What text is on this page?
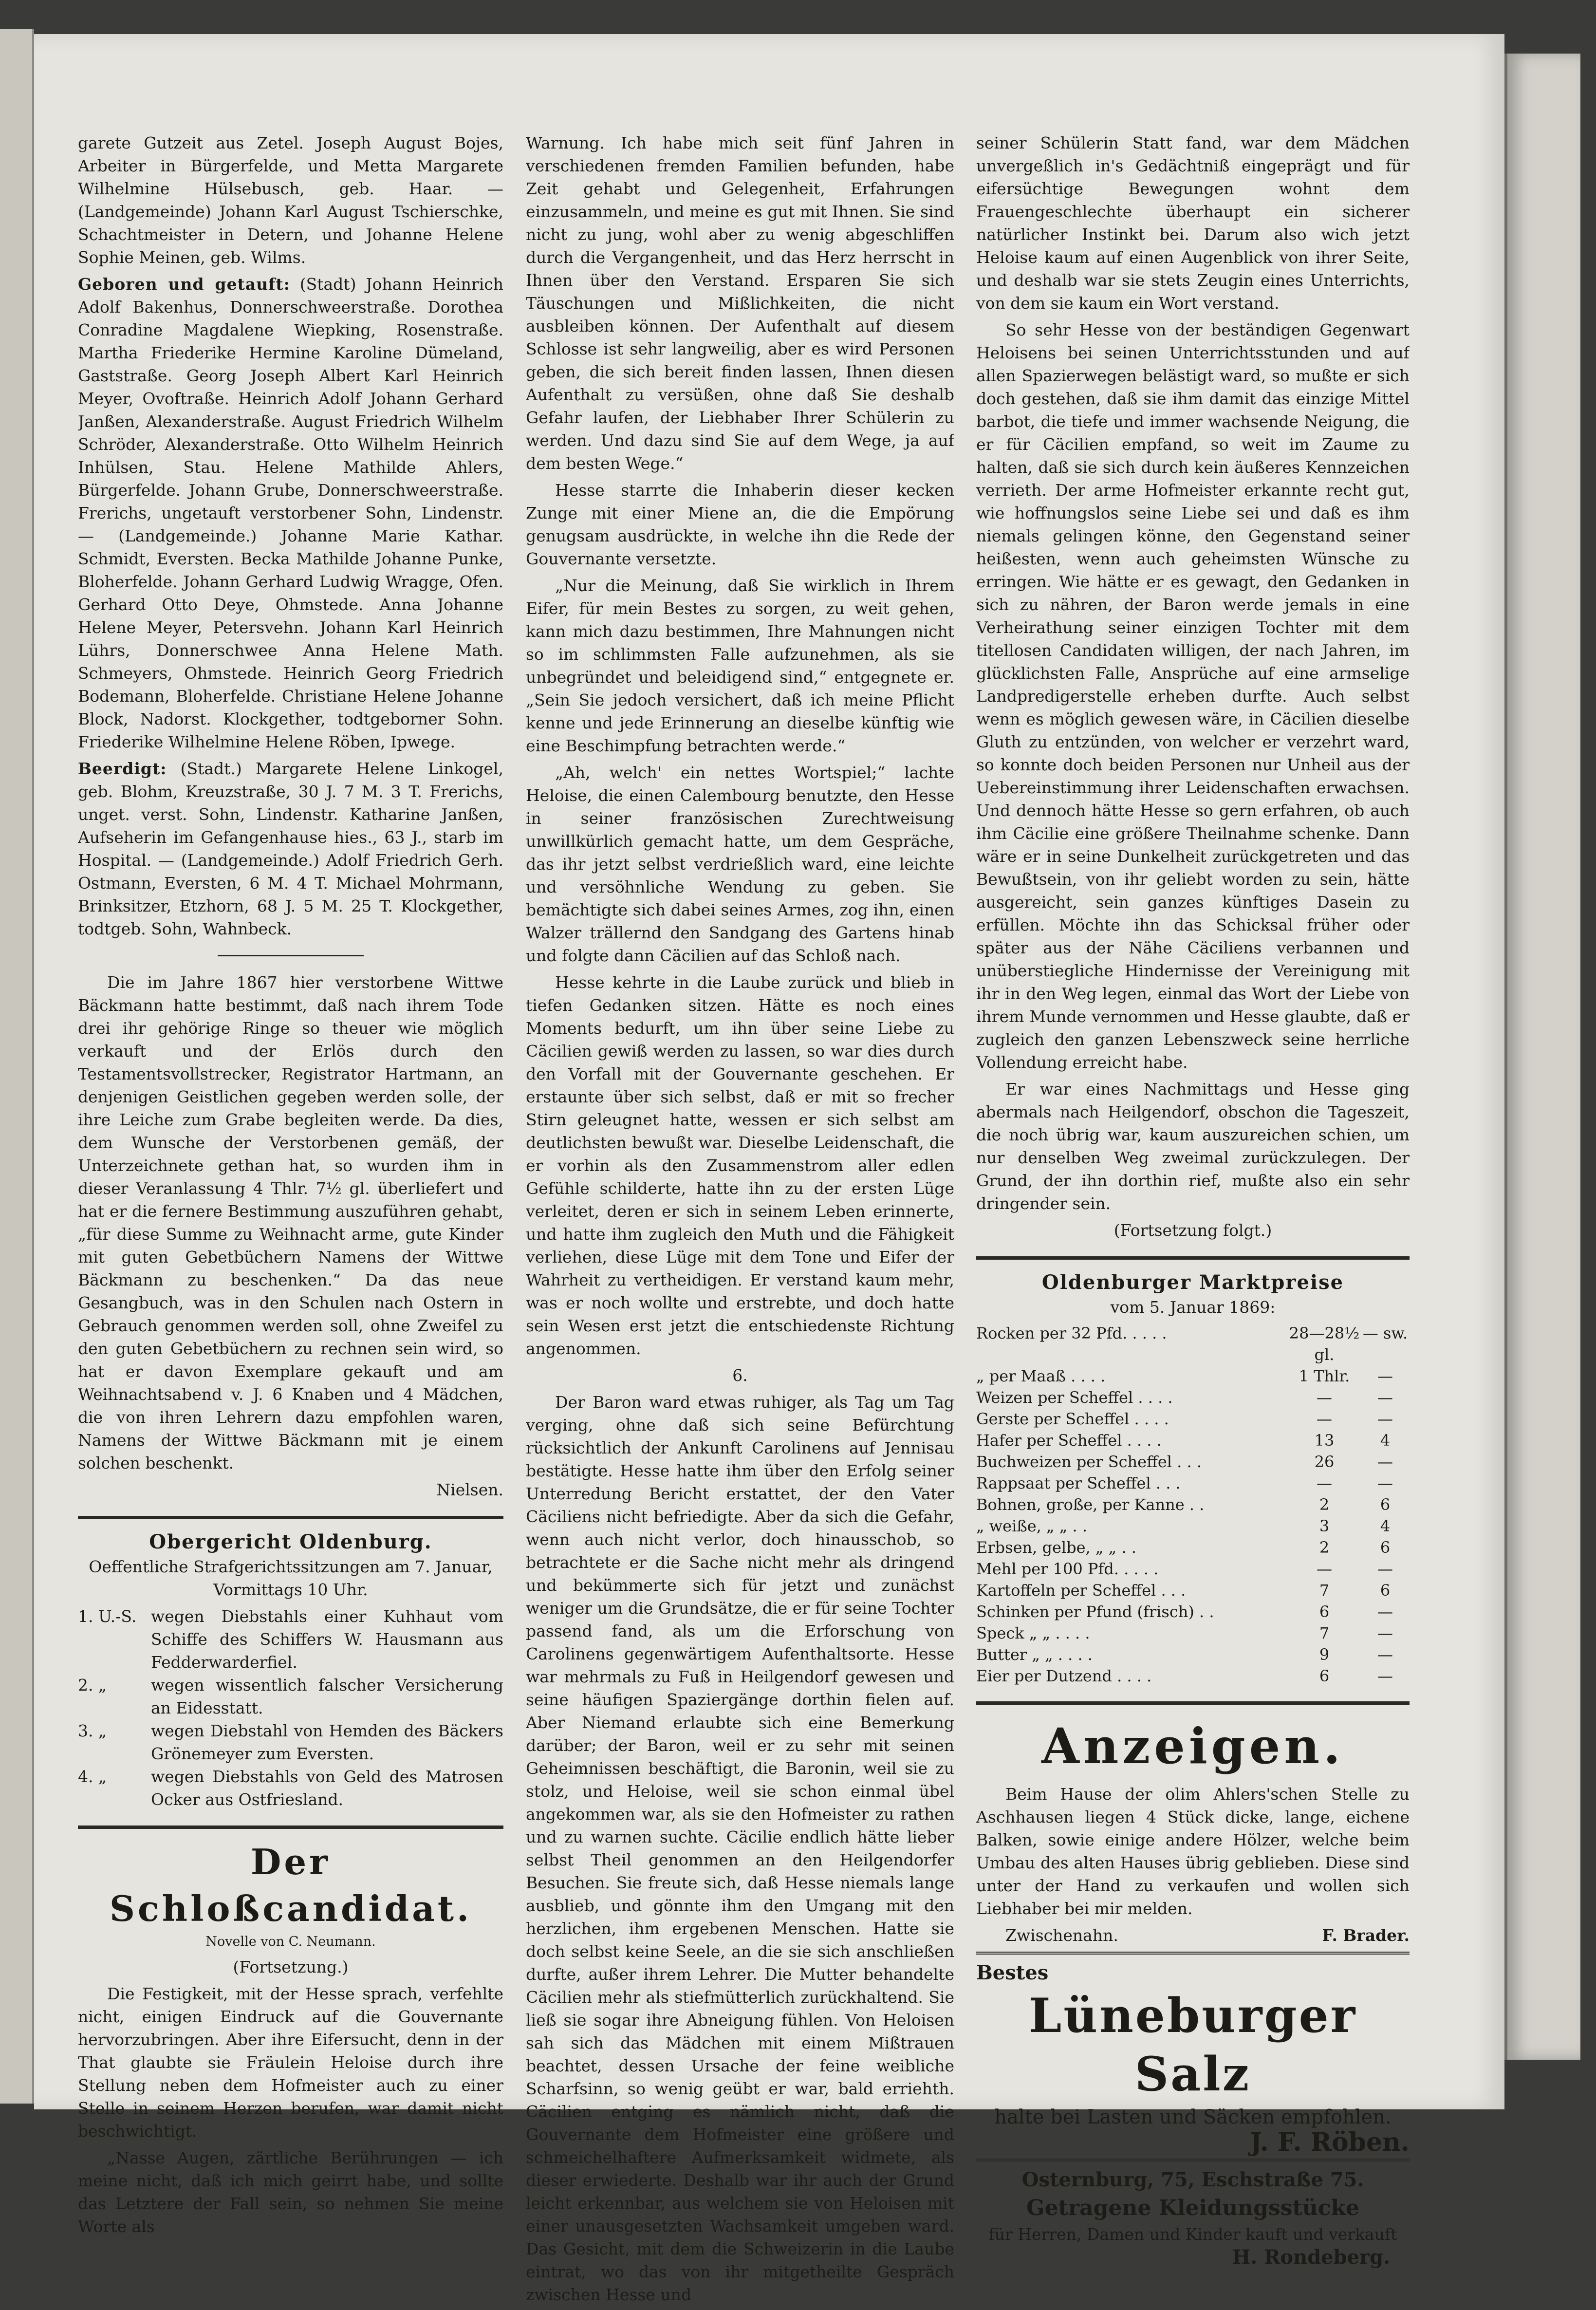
garete Gutzeit aus Zetel. Joseph August Bojes, Arbeiter in Bürgerfelde, und Metta Margarete Wilhelmine Hülsebusch, geb. Haar. — (Landgemeinde) Johann Karl August Tschierschke, Schachtmeister in Detern, und Johanne Helene Sophie Meinen, geb. Wilms.

Geboren und getauft: (Stadt) Johann Heinrich Adolf Bakenhus, Donnerschweerstraße. Dorothea Conradine Magdalene Wiepking, Rosenstraße. Martha Friederike Hermine Karoline Dümeland, Gaststraße. Georg Joseph Albert Karl Heinrich Meyer, Ovoftraße. Heinrich Adolf Johann Gerhard Janßen, Alexanderstraße. August Friedrich Wilhelm Schröder, Alexanderstraße. Otto Wilhelm Heinrich Inhülsen, Stau. Helene Mathilde Ahlers, Bürgerfelde. Johann Grube, Donnerschweerstraße. Frerichs, ungetauft verstorbener Sohn, Lindenstr. — (Landgemeinde.) Johanne Marie Kathar. Schmidt, Eversten. Becka Mathilde Johanne Punke, Bloherfelde. Johann Gerhard Ludwig Wragge, Ofen. Gerhard Otto Deye, Ohmstede. Anna Johanne Helene Meyer, Petersvehn. Johann Karl Heinrich Lührs, Donnerschwee Anna Helene Math. Schmeyers, Ohmstede. Heinrich Georg Friedrich Bodemann, Bloherfelde. Christiane Helene Johanne Block, Nadorst. Klockgether, todtgeborner Sohn. Friederike Wilhelmine Helene Röben, Ipwege.

Beerdigt: (Stadt.) Margarete Helene Linkogel, geb. Blohm, Kreuzstraße, 30 J. 7 M. 3 T. Frerichs, unget. verst. Sohn, Lindenstr. Katharine Janßen, Aufseherin im Gefangenhause hies., 63 J., starb im Hospital. — (Landgemeinde.) Adolf Friedrich Gerh. Ostmann, Eversten, 6 M. 4 T. Michael Mohrmann, Brinksitzer, Etzhorn, 68 J. 5 M. 25 T. Klockgether, todtgeb. Sohn, Wahnbeck.

Die im Jahre 1867 hier verstorbene Wittwe Bäckmann hatte bestimmt, daß nach ihrem Tode drei ihr gehörige Ringe so theuer wie möglich verkauft und der Erlös durch den Testamentsvollstrecker, Registrator Hartmann, an denjenigen Geistlichen gegeben werden solle, der ihre Leiche zum Grabe begleiten werde. Da dies, dem Wunsche der Verstorbenen gemäß, der Unterzeichnete gethan hat, so wurden ihm in dieser Veranlassung 4 Thlr. 7½ gl. überliefert und hat er die fernere Bestimmung auszuführen gehabt, „für diese Summe zu Weihnacht arme, gute Kinder mit guten Gebetbüchern Namens der Wittwe Bäckmann zu beschenken.“ Da das neue Gesangbuch, was in den Schulen nach Ostern in Gebrauch genommen werden soll, ohne Zweifel zu den guten Gebetbüchern zu rechnen sein wird, so hat er davon Exemplare gekauft und am Weihnachtsabend v. J. 6 Knaben und 4 Mädchen, die von ihren Lehrern dazu empfohlen waren, Namens der Wittwe Bäckmann mit je einem solchen beschenkt.

Nielsen.

Obergericht Oldenburg.

Oeffentliche Strafgerichtssitzungen am 7. Januar, Vormittags 10 Uhr.

1. U.-S. wegen Diebstahls einer Kuhhaut vom Schiffe des Schiffers W. Hausmann aus Fedderwarderfiel.
2. „	wegen wissentlich falscher Versicherung an Eidesstatt.
3. „	wegen Diebstahl von Hemden des Bäckers Grönemeyer zum Eversten.
4. „	wegen Diebstahls von Geld des Matrosen Ocker aus Ostfriesland.
Der Schloßcandidat.

Novelle von C. Neumann.

(Fortsetzung.)

Die Festigkeit, mit der Hesse sprach, verfehlte nicht, einigen Eindruck auf die Gouvernante hervorzubringen. Aber ihre Eifersucht, denn in der That glaubte sie Fräulein Heloise durch ihre Stellung neben dem Hofmeister auch zu einer Stelle in seinem Herzen berufen, war damit nicht beschwichtigt.

„Nasse Augen, zärtliche Berührungen — ich meine nicht, daß ich mich geirrt habe, und sollte das Letztere der Fall sein, so nehmen Sie meine Worte als

Warnung. Ich habe mich seit fünf Jahren in verschiedenen fremden Familien befunden, habe Zeit gehabt und Gelegenheit, Erfahrungen einzusammeln, und meine es gut mit Ihnen. Sie sind nicht zu jung, wohl aber zu wenig abgeschliffen durch die Vergangenheit, und das Herz herrscht in Ihnen über den Verstand. Ersparen Sie sich Täuschungen und Mißlichkeiten, die nicht ausbleiben können. Der Aufenthalt auf diesem Schlosse ist sehr langweilig, aber es wird Personen geben, die sich bereit finden lassen, Ihnen diesen Aufenthalt zu versüßen, ohne daß Sie deshalb Gefahr laufen, der Liebhaber Ihrer Schülerin zu werden. Und dazu sind Sie auf dem Wege, ja auf dem besten Wege.“

Hesse starrte die Inhaberin dieser kecken Zunge mit einer Miene an, die die Empörung genugsam ausdrückte, in welche ihn die Rede der Gouvernante versetzte.

„Nur die Meinung, daß Sie wirklich in Ihrem Eifer, für mein Bestes zu sorgen, zu weit gehen, kann mich dazu bestimmen, Ihre Mahnungen nicht so im schlimmsten Falle aufzunehmen, als sie unbegründet und beleidigend sind,“ entgegnete er. „Sein Sie jedoch versichert, daß ich meine Pflicht kenne und jede Erinnerung an dieselbe künftig wie eine Beschimpfung betrachten werde.“

„Ah, welch' ein nettes Wortspiel;“ lachte Heloise, die einen Calembourg benutzte, den Hesse in seiner französischen Zurechtweisung unwillkürlich gemacht hatte, um dem Gespräche, das ihr jetzt selbst verdrießlich ward, eine leichte und versöhnliche Wendung zu geben. Sie bemächtigte sich dabei seines Armes, zog ihn, einen Walzer trällernd den Sandgang des Gartens hinab und folgte dann Cäcilien auf das Schloß nach.

Hesse kehrte in die Laube zurück und blieb in tiefen Gedanken sitzen. Hätte es noch eines Moments bedurft, um ihn über seine Liebe zu Cäcilien gewiß werden zu lassen, so war dies durch den Vorfall mit der Gouvernante geschehen. Er erstaunte über sich selbst, daß er mit so frecher Stirn geleugnet hatte, wessen er sich selbst am deutlichsten bewußt war. Dieselbe Leidenschaft, die er vorhin als den Zusammenstrom aller edlen Gefühle schilderte, hatte ihn zu der ersten Lüge verleitet, deren er sich in seinem Leben erinnerte, und hatte ihm zugleich den Muth und die Fähigkeit verliehen, diese Lüge mit dem Tone und Eifer der Wahrheit zu vertheidigen. Er verstand kaum mehr, was er noch wollte und erstrebte, und doch hatte sein Wesen erst jetzt die entschiedenste Richtung angenommen.

6.

Der Baron ward etwas ruhiger, als Tag um Tag verging, ohne daß sich seine Befürchtung rücksichtlich der Ankunft Carolinens auf Jennisau bestätigte. Hesse hatte ihm über den Erfolg seiner Unterredung Bericht erstattet, der den Vater Cäciliens nicht befriedigte. Aber da sich die Gefahr, wenn auch nicht verlor, doch hinausschob, so betrachtete er die Sache nicht mehr als dringend und bekümmerte sich für jetzt und zunächst weniger um die Grundsätze, die er für seine Tochter passend fand, als um die Erforschung von Carolinens gegenwärtigem Aufenthaltsorte. Hesse war mehrmals zu Fuß in Heilgendorf gewesen und seine häufigen Spaziergänge dorthin fielen auf. Aber Niemand erlaubte sich eine Bemerkung darüber; der Baron, weil er zu sehr mit seinen Geheimnissen beschäftigt, die Baronin, weil sie zu stolz, und Heloise, weil sie schon einmal übel angekommen war, als sie den Hofmeister zu rathen und zu warnen suchte. Cäcilie endlich hätte lieber selbst Theil genommen an den Heilgendorfer Besuchen. Sie freute sich, daß Hesse niemals lange ausblieb, und gönnte ihm den Umgang mit den herzlichen, ihm ergebenen Menschen. Hatte sie doch selbst keine Seele, an die sie sich anschließen durfte, außer ihrem Lehrer. Die Mutter behandelte Cäcilien mehr als stiefmütterlich zurückhaltend. Sie ließ sie sogar ihre Abneigung fühlen. Von Heloisen sah sich das Mädchen mit einem Mißtrauen beachtet, dessen Ursache der feine weibliche Scharfsinn, so wenig geübt er war, bald erriehth. Cäcilien entging es nämlich nicht, daß die Gouvernante dem Hofmeister eine größere und schmeichelhaftere Aufmerksamkeit widmete, als dieser erwiederte. Deshalb war ihr auch der Grund leicht erkennbar, aus welchem sie von Heloisen mit einer unausgesetzten Wachsamkeit umgeben ward. Das Gesicht, mit dem die Schweizerin in die Laube eintrat, wo das von ihr mitgetheilte Gespräch zwischen Hesse und

seiner Schülerin Statt fand, war dem Mädchen unvergeßlich in's Gedächtniß eingeprägt und für eifersüchtige Bewegungen wohnt dem Frauengeschlechte überhaupt ein sicherer natürlicher Instinkt bei. Darum also wich jetzt Heloise kaum auf einen Augenblick von ihrer Seite, und deshalb war sie stets Zeugin eines Unterrichts, von dem sie kaum ein Wort verstand.

So sehr Hesse von der beständigen Gegenwart Heloisens bei seinen Unterrichtsstunden und auf allen Spazierwegen belästigt ward, so mußte er sich doch gestehen, daß sie ihm damit das einzige Mittel barbot, die tiefe und immer wachsende Neigung, die er für Cäcilien empfand, so weit im Zaume zu halten, daß sie sich durch kein äußeres Kennzeichen verrieth. Der arme Hofmeister erkannte recht gut, wie hoffnungslos seine Liebe sei und daß es ihm niemals gelingen könne, den Gegenstand seiner heißesten, wenn auch geheimsten Wünsche zu erringen. Wie hätte er es gewagt, den Gedanken in sich zu nähren, der Baron werde jemals in eine Verheirathung seiner einzigen Tochter mit dem titellosen Candidaten willigen, der nach Jahren, im glücklichsten Falle, Ansprüche auf eine armselige Landpredigerstelle erheben durfte. Auch selbst wenn es möglich gewesen wäre, in Cäcilien dieselbe Gluth zu entzünden, von welcher er verzehrt ward, so konnte doch beiden Personen nur Unheil aus der Uebereinstimmung ihrer Leidenschaften erwachsen. Und dennoch hätte Hesse so gern erfahren, ob auch ihm Cäcilie eine größere Theilnahme schenke. Dann wäre er in seine Dunkelheit zurückgetreten und das Bewußtsein, von ihr geliebt worden zu sein, hätte ausgereicht, sein ganzes künftiges Dasein zu erfüllen. Möchte ihn das Schicksal früher oder später aus der Nähe Cäciliens verbannen und unüberstiegliche Hindernisse der Vereinigung mit ihr in den Weg legen, einmal das Wort der Liebe von ihrem Munde vernommen und Hesse glaubte, daß er zugleich den ganzen Lebenszweck seine herrliche Vollendung erreicht habe.

Er war eines Nachmittags und Hesse ging abermals nach Heilgendorf, obschon die Tageszeit, die noch übrig war, kaum auszureichen schien, um nur denselben Weg zweimal zurückzulegen. Der Grund, der ihn dorthin rief, mußte also ein sehr dringender sein.

(Fortsetzung folgt.)

Oldenburger Marktpreise

vom 5. Januar 1869:

Rocken per 32 Pfd. . . . .	28—28½ gl.	— sw.
„ per Maaß . . . .	1 Thlr.	—
Weizen per Scheffel . . . .	—	—
Gerste per Scheffel . . . .	—	—
Hafer per Scheffel . . . .	13	4
Buchweizen per Scheffel . . .	26	—
Rappsaat per Scheffel . . .	—	—
Bohnen, große, per Kanne . .	2	6
„ weiße, „ „ . .	3	4
Erbsen, gelbe, „ „ . .	2	6
Mehl per 100 Pfd. . . . .	—	—
Kartoffeln per Scheffel . . .	7	6
Schinken per Pfund (frisch) . .	6	—
Speck „ „ . . . .	7	—
Butter „ „ . . . .	9	—
Eier per Dutzend . . . .	6	—
Anzeigen.

Beim Hause der olim Ahlers'schen Stelle zu Aschhausen liegen 4 Stück dicke, lange, eichene Balken, sowie einige andere Hölzer, welche beim Umbau des alten Hauses übrig geblieben. Diese sind unter der Hand zu verkaufen und wollen sich Liebhaber bei mir melden.

Zwischenahn.	F. Brader.
Bestes
Lüneburger Salz
halte bei Lasten und Säcken empfohlen.
J. F. Röben.
Osternburg, 75, Eschstraße 75.
Getragene Kleidungsstücke
für Herren, Damen und Kinder kauft und verkauft
H. Rondeberg.
